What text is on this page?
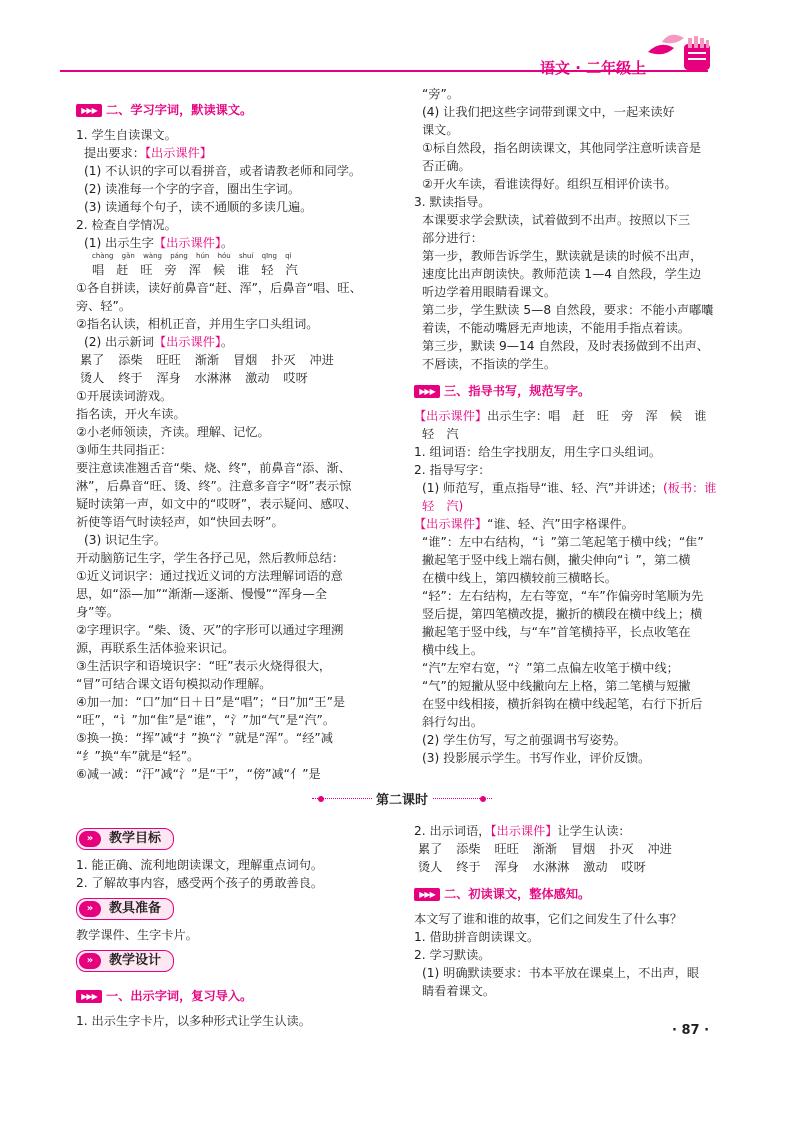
语文 · 二年级上

▶▶▶ 二、学习字词，默读课文。

1. 学生自读课文。

提出要求：【出示课件】

(1) 不认识的字可以看拼音，或者请教老师和同学。

(2) 读准每一个字的字音，圈出生字词。

(3) 读通每个句子，读不通顺的多读几遍。

2. 检查自学情况。

(1) 出示生字【出示课件】。

chàng gǎn wàng páng hún hóu shuí qīng qì

唱赶旺旁浑候谁轻汽

①各自拼读，读好前鼻音“赶、浑”，后鼻音“唱、旺、

旁、轻”。

②指名认读，相机正音，并用生字口头组词。

(2) 出示新词【出示课件】。

累了 添柴 旺旺 渐渐 冒烟 扑灭 冲进

烫人 终于 浑身 水淋淋 激动 哎呀

①开展读词游戏。

指名读，开火车读。

②小老师领读，齐读。理解、记忆。

③师生共同指正：

要注意读准翘舌音“柴、烧、终”，前鼻音“添、渐、

淋”，后鼻音“旺、烫、终”。注意多音字“呀”表示惊

疑时读第一声，如文中的“哎呀”，表示疑问、感叹、

祈使等语气时读轻声，如“快回去呀”。

(3) 识记生字。

开动脑筋记生字，学生各抒己见，然后教师总结：

①近义词识字：通过找近义词的方法理解词语的意

思，如“添—加”“渐渐—逐渐、慢慢”“浑身—全

身”等。

②字理识字。“柴、烫、灭”的字形可以通过字理溯

源，再联系生活体验来识记。

③生活识字和语境识字：“旺”表示火烧得很大，

“冒”可结合课文语句模拟动作理解。

④加一加：“口”加“日＋日”是“唱”；“日”加“王”是

“旺”，“讠”加“隹”是“谁”，“氵”加“气”是“汽”。

⑤换一换：“挥”减“扌”换“氵”就是“浑”。“经”减

“纟”换“车”就是“轻”。

⑥减一减：“汗”减“氵”是“干”，“傍”减“亻”是

“旁”。

(4) 让我们把这些字词带到课文中，一起来读好

课文。

①标自然段，指名朗读课文，其他同学注意听读音是

否正确。

②开火车读，看谁读得好。组织互相评价读书。

3. 默读指导。

本课要求学会默读，试着做到不出声。按照以下三

部分进行：

第一步，教师告诉学生，默读就是读的时候不出声，

速度比出声朗读快。教师范读 1—4 自然段，学生边

听边学着用眼睛看课文。

第二步，学生默读 5—8 自然段，要求：不能小声嘟囔

着读，不能动嘴唇无声地读，不能用手指点着读。

第三步，默读 9—14 自然段，及时表扬做到不出声、

不唇读，不指读的学生。

▶▶▶ 三、指导书写，规范写字。

【出示课件】出示生字：唱　赶　旺　旁　浑　候　谁

轻　汽

1. 组词语：给生字找朋友，用生字口头组词。

2. 指导写字：

(1) 师范写，重点指导“谁、轻、汽”并讲述；(板书：谁

轻　汽)

【出示课件】“谁、轻、汽”田字格课件。

“谁”：左中右结构，“讠”第二笔起笔于横中线；“隹”

撇起笔于竖中线上端右侧，撇尖伸向“讠”，第二横

在横中线上，第四横较前三横略长。

“轻”：左右结构，左右等宽，“车”作偏旁时笔顺为先

竖后提，第四笔横改提，撇折的横段在横中线上；横

撇起笔于竖中线，与“车”首笔横持平，长点收笔在

横中线上。

“汽”左窄右宽，“氵”第二点偏左收笔于横中线；

“气”的短撇从竖中线撇向左上格，第二笔横与短撇

在竖中线相接，横折斜钩在横中线起笔，右行下折后

斜行勾出。

(2) 学生仿写，写之前强调书写姿势。

(3) 投影展示学生。书写作业，评价反馈。

第二课时
»	教学目标

1. 能正确、流利地朗读课文，理解重点词句。

2. 了解故事内容，感受两个孩子的勇敢善良。

»	教具准备

教学课件、生字卡片。

»	教学设计

▶▶▶ 一、出示字词，复习导入。

1. 出示生字卡片，以多种形式让学生认读。

2. 出示词语，【出示课件】让学生认读：

累了 添柴 旺旺 渐渐 冒烟 扑灭 冲进

烫人 终于 浑身 水淋淋 激动 哎呀

▶▶▶ 二、初读课文，整体感知。

本文写了谁和谁的故事，它们之间发生了什么事？

1. 借助拼音朗读课文。

2. 学习默读。

(1) 明确默读要求：书本平放在课桌上，不出声，眼

睛看着课文。

· 87 ·
